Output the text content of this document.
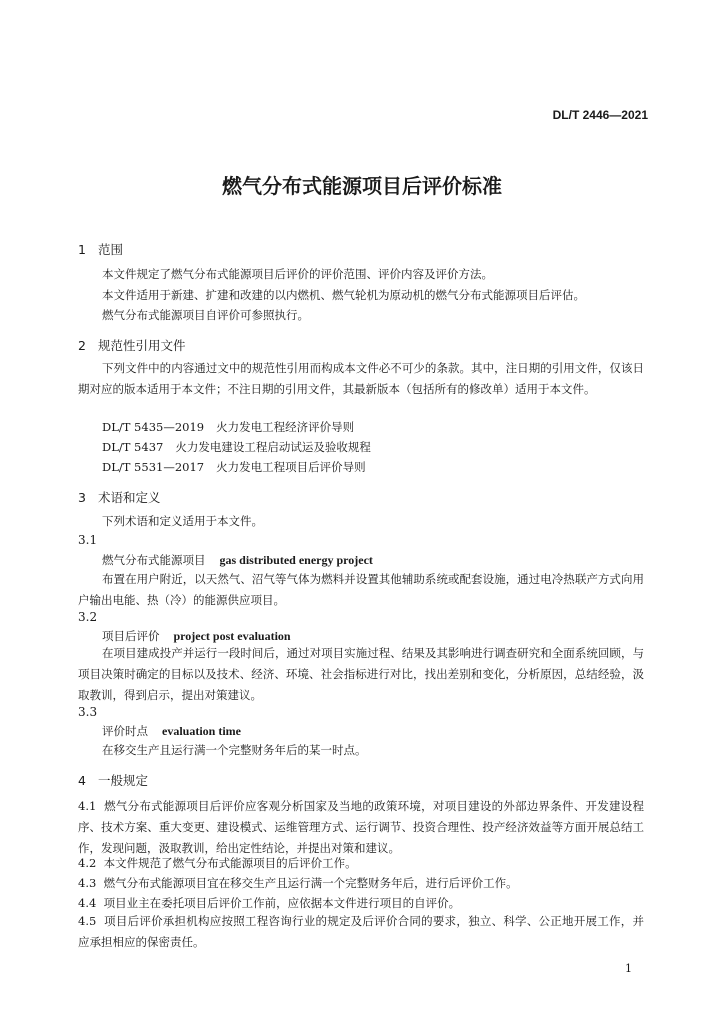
DL/T 2446—2021
燃气分布式能源项目后评价标准
1 范围
本文件规定了燃气分布式能源项目后评价的评价范围、评价内容及评价方法。
本文件适用于新建、扩建和改建的以内燃机、燃气轮机为原动机的燃气分布式能源项目后评估。
燃气分布式能源项目自评价可参照执行。
2 规范性引用文件
下列文件中的内容通过文中的规范性引用而构成本文件必不可少的条款。其中，注日期的引用文件，仅该日期对应的版本适用于本文件；不注日期的引用文件，其最新版本（包括所有的修改单）适用于本文件。
DL/T 5435—2019 火力发电工程经济评价导则
DL/T 5437 火力发电建设工程启动试运及验收规程
DL/T 5531—2017 火力发电工程项目后评价导则
3 术语和定义
下列术语和定义适用于本文件。
3.1
燃气分布式能源项目 gas distributed energy project
布置在用户附近，以天然气、沼气等气体为燃料并设置其他辅助系统或配套设施，通过电冷热联产方式向用户输出电能、热（冷）的能源供应项目。
3.2
项目后评价 project post evaluation
在项目建成投产并运行一段时间后，通过对项目实施过程、结果及其影响进行调查研究和全面系统回顾，与项目决策时确定的目标以及技术、经济、环境、社会指标进行对比，找出差别和变化，分析原因，总结经验，汲取教训，得到启示，提出对策建议。
3.3
评价时点 evaluation time
在移交生产且运行满一个完整财务年后的某一时点。
4 一般规定
4.1 燃气分布式能源项目后评价应客观分析国家及当地的政策环境，对项目建设的外部边界条件、开发建设程序、技术方案、重大变更、建设模式、运维管理方式、运行调节、投资合理性、投产经济效益等方面开展总结工作，发现问题，汲取教训，给出定性结论，并提出对策和建议。
4.2 本文件规范了燃气分布式能源项目的后评价工作。
4.3 燃气分布式能源项目宜在移交生产且运行满一个完整财务年后，进行后评价工作。
4.4 项目业主在委托项目后评价工作前，应依据本文件进行项目的自评价。
4.5 项目后评价承担机构应按照工程咨询行业的规定及后评价合同的要求，独立、科学、公正地开展工作，并应承担相应的保密责任。
1
